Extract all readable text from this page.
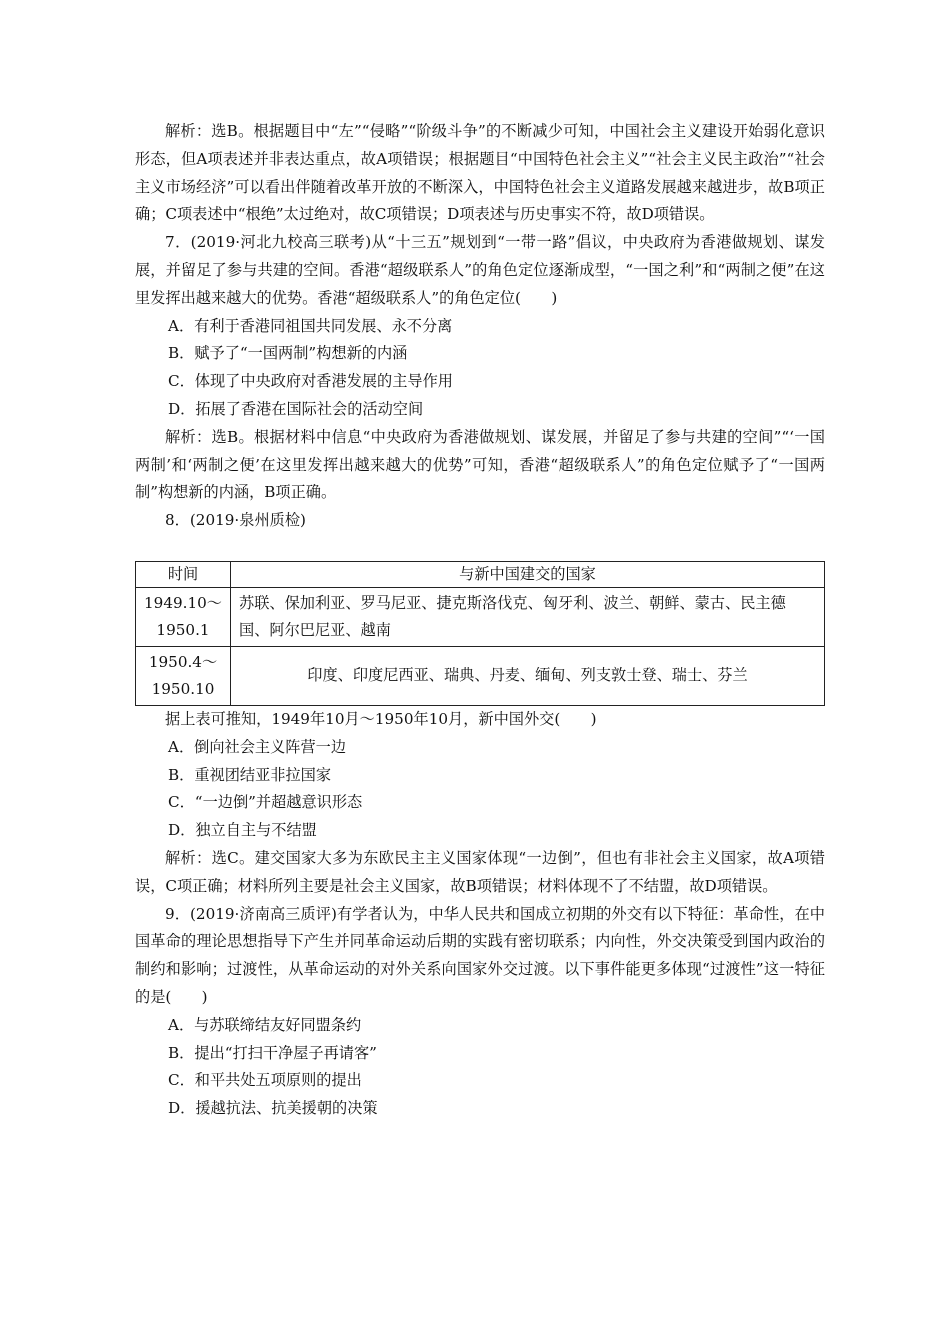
解析：选B。根据题目中“左”“侵略”“阶级斗争”的不断减少可知，中国社会主义建设开始弱化意识形态，但A项表述并非表达重点，故A项错误；根据题目“中国特色社会主义”“社会主义民主政治”“社会主义市场经济”可以看出伴随着改革开放的不断深入，中国特色社会主义道路发展越来越进步，故B项正确；C项表述中“根绝”太过绝对，故C项错误；D项表述与历史事实不符，故D项错误。

7．(2019·河北九校高三联考)从“十三五”规划到“一带一路”倡议，中央政府为香港做规划、谋发展，并留足了参与共建的空间。香港“超级联系人”的角色定位逐渐成型，“一国之利”和“两制之便”在这里发挥出越来越大的优势。香港“超级联系人”的角色定位(　　)

A．有利于香港同祖国共同发展、永不分离

B．赋予了“一国两制”构想新的内涵

C．体现了中央政府对香港发展的主导作用

D．拓展了香港在国际社会的活动空间

解析：选B。根据材料中信息“中央政府为香港做规划、谋发展，并留足了参与共建的空间”“‘一国两制’和‘两制之便’在这里发挥出越来越大的优势”可知，香港“超级联系人”的角色定位赋予了“一国两制”构想新的内涵，B项正确。

8．(2019·泉州质检)

时间	与新中国建交的国家

1949.10～
1950.1	苏联、保加利亚、罗马尼亚、捷克斯洛伐克、匈牙利、波兰、朝鲜、蒙古、民主德国、阿尔巴尼亚、越南

1950.4～
1950.10	印度、印度尼西亚、瑞典、丹麦、缅甸、列支敦士登、瑞士、芬兰

据上表可推知，1949年10月～1950年10月，新中国外交(　　)

A．倒向社会主义阵营一边

B．重视团结亚非拉国家

C．“一边倒”并超越意识形态

D．独立自主与不结盟

解析：选C。建交国家大多为东欧民主主义国家体现“一边倒”，但也有非社会主义国家，故A项错误，C项正确；材料所列主要是社会主义国家，故B项错误；材料体现不了不结盟，故D项错误。

9．(2019·济南高三质评)有学者认为，中华人民共和国成立初期的外交有以下特征：革命性，在中国革命的理论思想指导下产生并同革命运动后期的实践有密切联系；内向性，外交决策受到国内政治的制约和影响；过渡性，从革命运动的对外关系向国家外交过渡。以下事件能更多体现“过渡性”这一特征的是(　　)

A．与苏联缔结友好同盟条约

B．提出“打扫干净屋子再请客”

C．和平共处五项原则的提出

D．援越抗法、抗美援朝的决策
